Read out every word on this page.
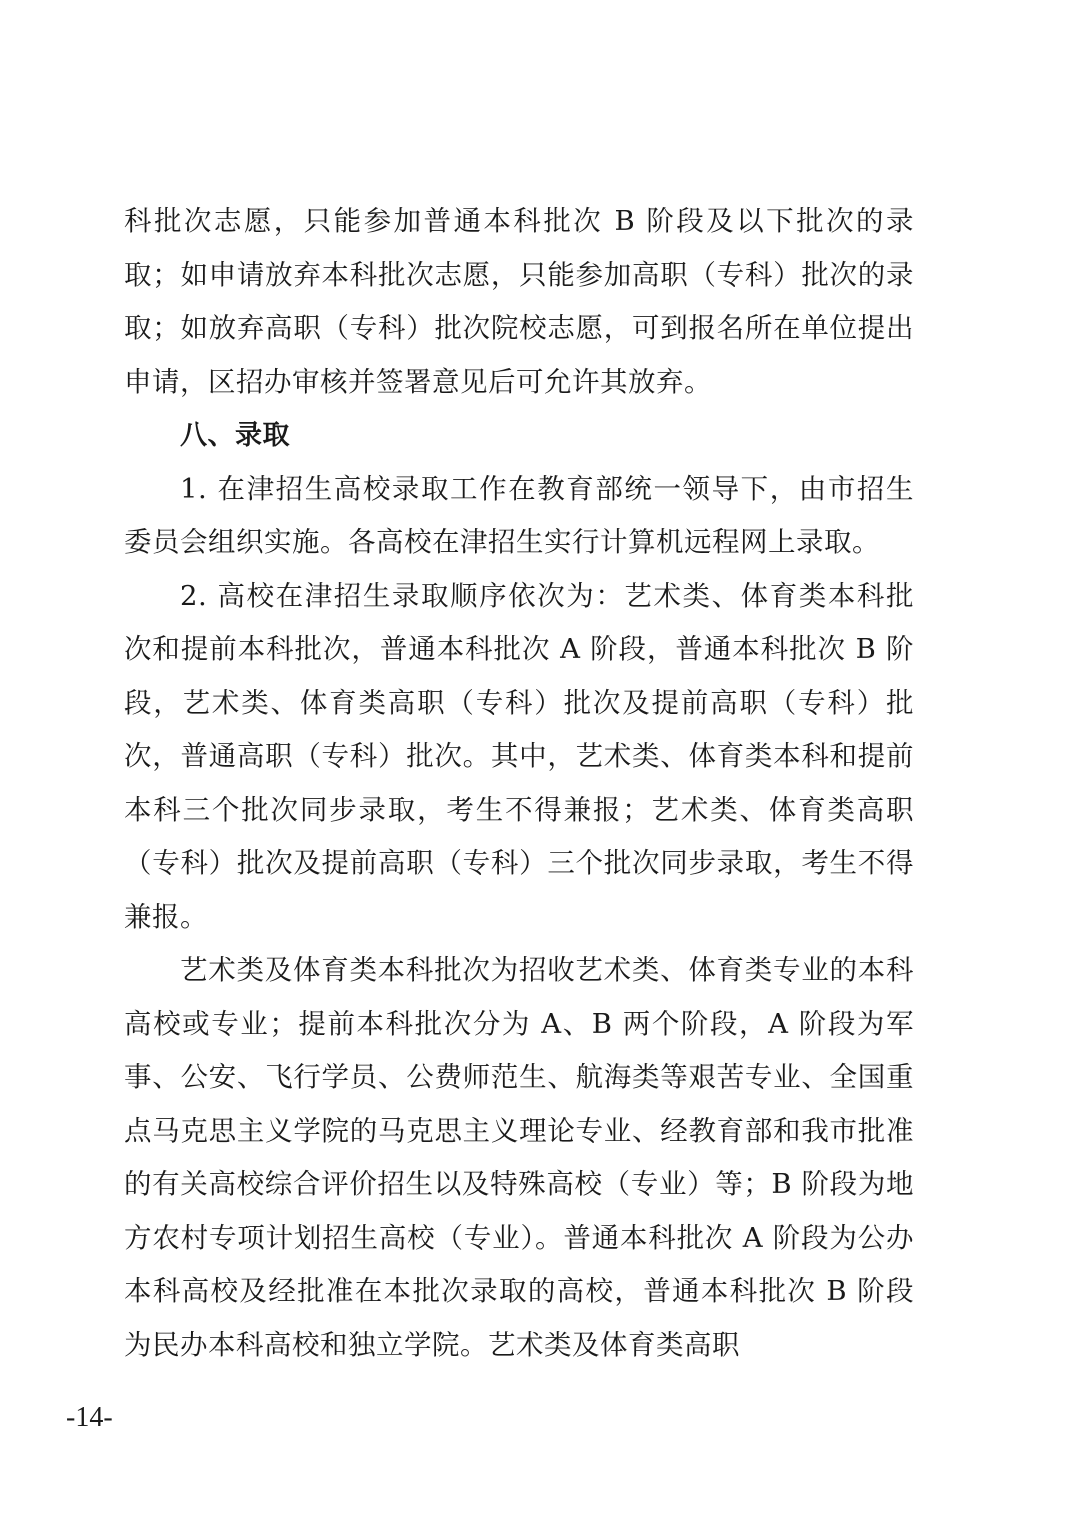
科批次志愿，只能参加普通本科批次 B 阶段及以下批次的录取；如申请放弃本科批次志愿，只能参加高职（专科）批次的录取；如放弃高职（专科）批次院校志愿，可到报名所在单位提出申请，区招办审核并签署意见后可允许其放弃。

八、录取

1. 在津招生高校录取工作在教育部统一领导下，由市招生委员会组织实施。各高校在津招生实行计算机远程网上录取。

2. 高校在津招生录取顺序依次为：艺术类、体育类本科批次和提前本科批次，普通本科批次 A 阶段，普通本科批次 B 阶段，艺术类、体育类高职（专科）批次及提前高职（专科）批次，普通高职（专科）批次。其中，艺术类、体育类本科和提前本科三个批次同步录取，考生不得兼报；艺术类、体育类高职（专科）批次及提前高职（专科）三个批次同步录取，考生不得兼报。

艺术类及体育类本科批次为招收艺术类、体育类专业的本科高校或专业；提前本科批次分为 A、B 两个阶段，A 阶段为军事、公安、飞行学员、公费师范生、航海类等艰苦专业、全国重点马克思主义学院的马克思主义理论专业、经教育部和我市批准的有关高校综合评价招生以及特殊高校（专业）等；B 阶段为地方农村专项计划招生高校（专业）。普通本科批次 A 阶段为公办本科高校及经批准在本批次录取的高校，普通本科批次 B 阶段为民办本科高校和独立学院。艺术类及体育类高职

-14-
